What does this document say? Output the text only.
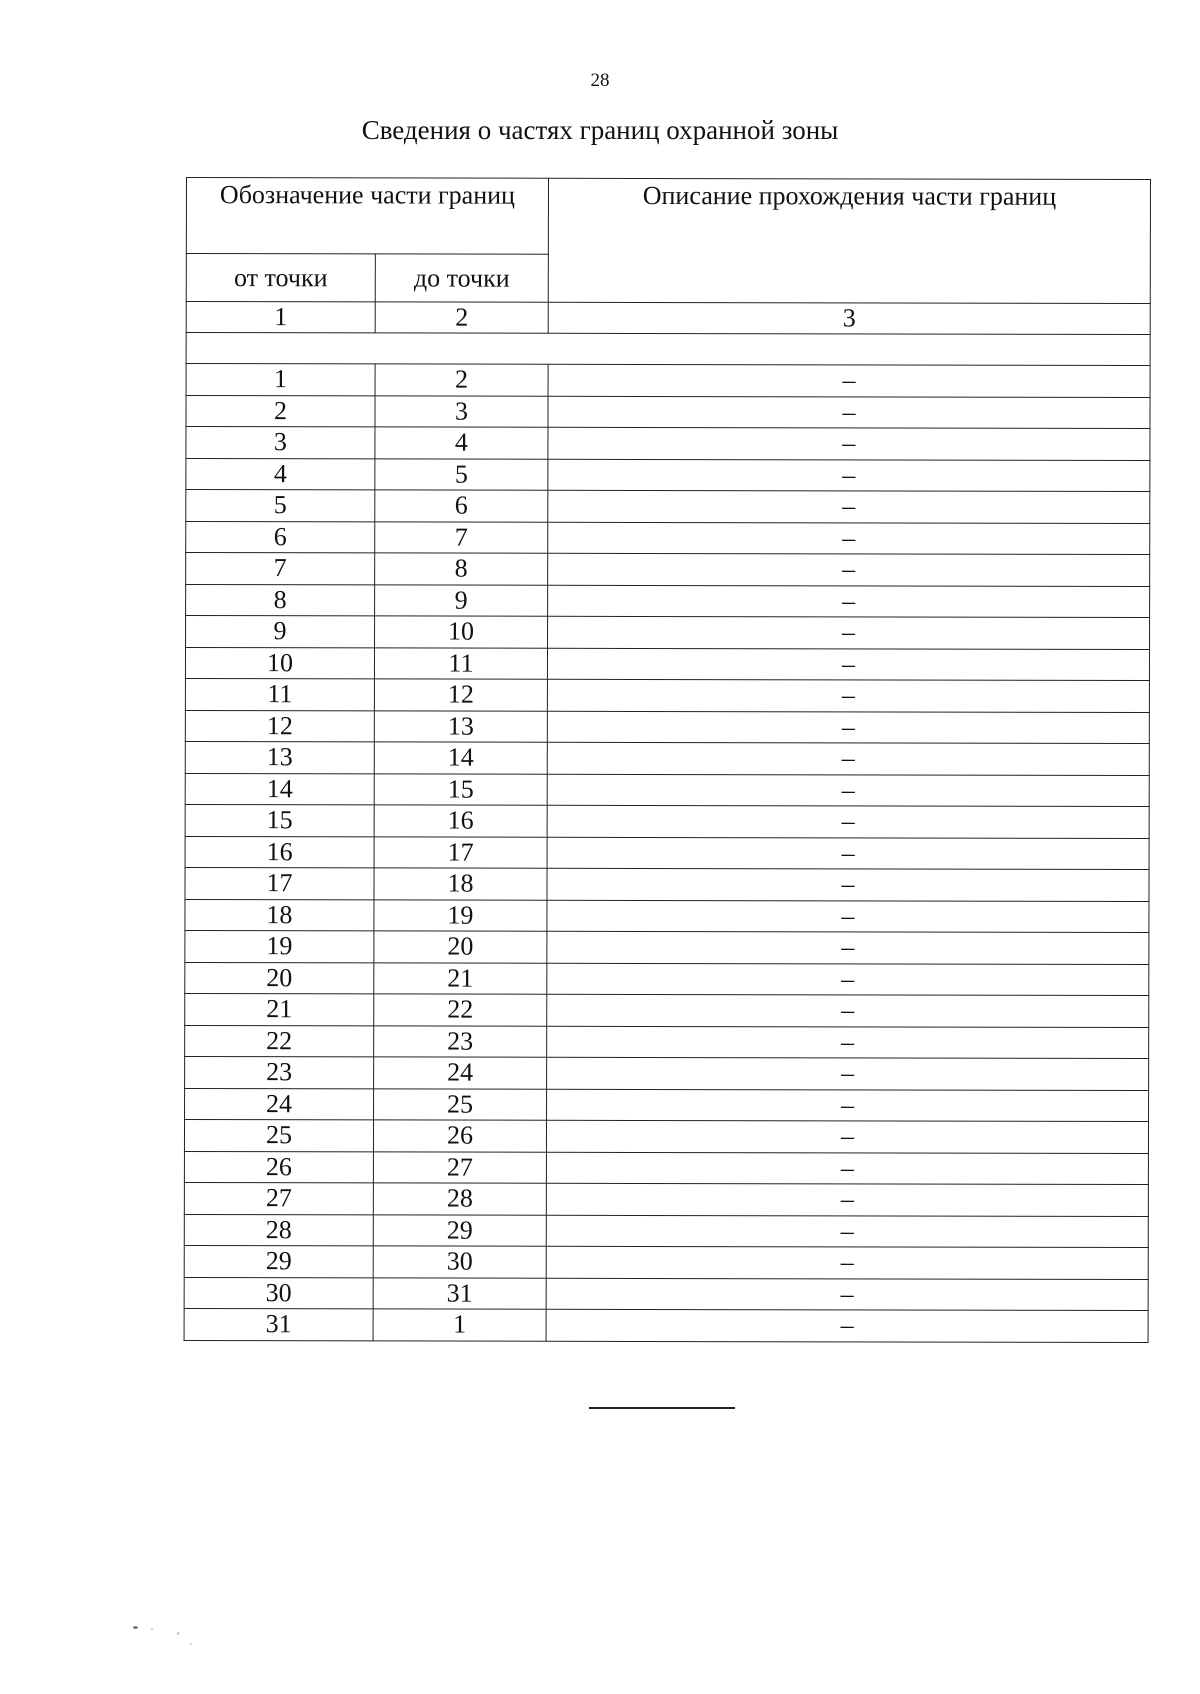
28
Сведения о частях границ охранной зоны
Обозначение части границ		Описание прохождения части границ
от точки	до точки	
1	2	3

1	2	–
2	3	–
3	4	–
4	5	–
5	6	–
6	7	–
7	8	–
8	9	–
9	10	–
10	11	–
11	12	–
12	13	–
13	14	–
14	15	–
15	16	–
16	17	–
17	18	–
18	19	–
19	20	–
20	21	–
21	22	–
22	23	–
23	24	–
24	25	–
25	26	–
26	27	–
27	28	–
28	29	–
29	30	–
30	31	–
31	1	–
